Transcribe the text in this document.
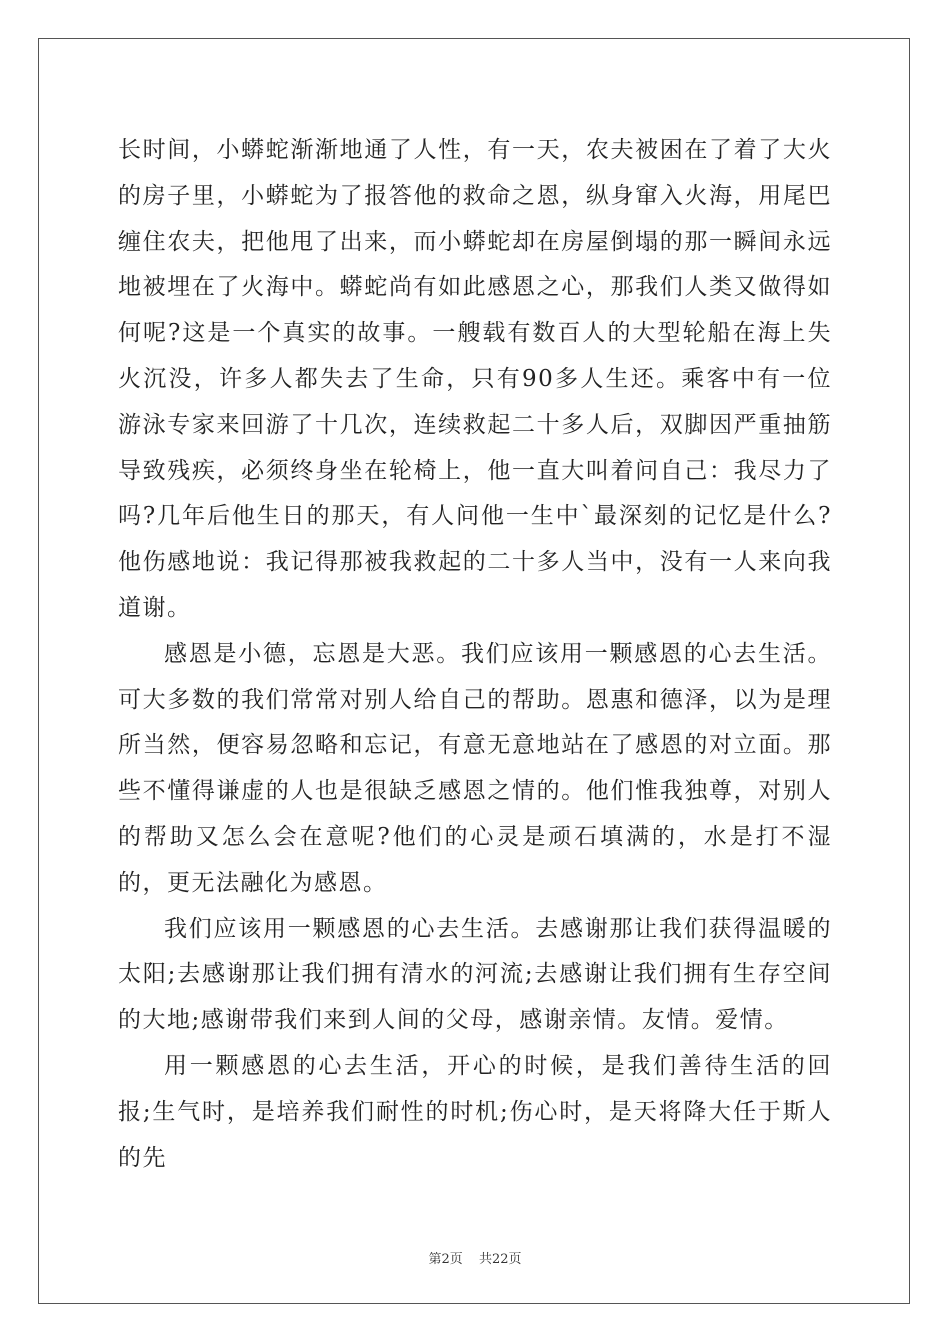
长时间，小蟒蛇渐渐地通了人性，有一天，农夫被困在了着了大火的房子里，小蟒蛇为了报答他的救命之恩，纵身窜入火海，用尾巴缠住农夫，把他甩了出来，而小蟒蛇却在房屋倒塌的那一瞬间永远地被埋在了火海中。蟒蛇尚有如此感恩之心，那我们人类又做得如何呢?这是一个真实的故事。一艘载有数百人的大型轮船在海上失火沉没，许多人都失去了生命，只有90多人生还。乘客中有一位游泳专家来回游了十几次，连续救起二十多人后，双脚因严重抽筋导致残疾，必须终身坐在轮椅上，他一直大叫着问自己：我尽力了吗?几年后他生日的那天，有人问他一生中`最深刻的记忆是什么?他伤感地说：我记得那被我救起的二十多人当中，没有一人来向我道谢。

感恩是小德，忘恩是大恶。我们应该用一颗感恩的心去生活。可大多数的我们常常对别人给自己的帮助。恩惠和德泽，以为是理所当然，便容易忽略和忘记，有意无意地站在了感恩的对立面。那些不懂得谦虚的人也是很缺乏感恩之情的。他们惟我独尊，对别人的帮助又怎么会在意呢?他们的心灵是顽石填满的，水是打不湿的，更无法融化为感恩。

我们应该用一颗感恩的心去生活。去感谢那让我们获得温暖的太阳;去感谢那让我们拥有清水的河流;去感谢让我们拥有生存空间的大地;感谢带我们来到人间的父母，感谢亲情。友情。爱情。

用一颗感恩的心去生活，开心的时候，是我们善待生活的回报;生气时，是培养我们耐性的时机;伤心时，是天将降大任于斯人的先

第2页 共22页
